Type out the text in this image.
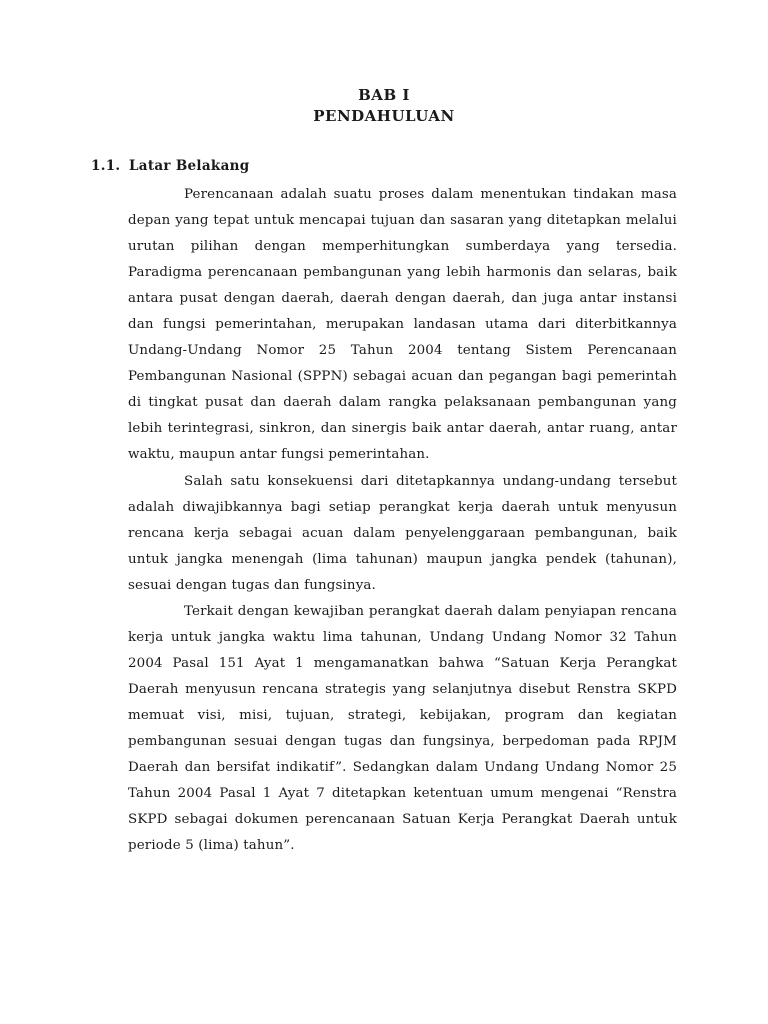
BAB I
PENDAHULUAN
1.1. Latar Belakang

Perencanaan adalah suatu proses dalam menentukan tindakan masa depan yang tepat untuk mencapai tujuan dan sasaran yang ditetapkan melalui urutan pilihan dengan memperhitungkan sumberdaya yang tersedia. Paradigma perencanaan pembangunan yang lebih harmonis dan selaras, baik antara pusat dengan daerah, daerah dengan daerah, dan juga antar instansi dan fungsi pemerintahan, merupakan landasan utama dari diterbitkannya Undang-Undang Nomor 25 Tahun 2004 tentang Sistem Perencanaan Pembangunan Nasional (SPPN) sebagai acuan dan pegangan bagi pemerintah di tingkat pusat dan daerah dalam rangka pelaksanaan pembangunan yang lebih terintegrasi, sinkron, dan sinergis baik antar daerah, antar ruang, antar waktu, maupun antar fungsi pemerintahan.

Salah satu konsekuensi dari ditetapkannya undang-undang tersebut adalah diwajibkannya bagi setiap perangkat kerja daerah untuk menyusun rencana kerja sebagai acuan dalam penyelenggaraan pembangunan, baik untuk jangka menengah (lima tahunan) maupun jangka pendek (tahunan), sesuai dengan tugas dan fungsinya.

Terkait dengan kewajiban perangkat daerah dalam penyiapan rencana kerja untuk jangka waktu lima tahunan, Undang Undang Nomor 32 Tahun 2004 Pasal 151 Ayat 1 mengamanatkan bahwa “Satuan Kerja Perangkat Daerah menyusun rencana strategis yang selanjutnya disebut Renstra SKPD memuat visi, misi, tujuan, strategi, kebijakan, program dan kegiatan pembangunan sesuai dengan tugas dan fungsinya, berpedoman pada RPJM Daerah dan bersifat indikatif”. Sedangkan dalam Undang Undang Nomor 25 Tahun 2004 Pasal 1 Ayat 7 ditetapkan ketentuan umum mengenai “Renstra SKPD sebagai dokumen perencanaan Satuan Kerja Perangkat Daerah untuk periode 5 (lima) tahun”.
